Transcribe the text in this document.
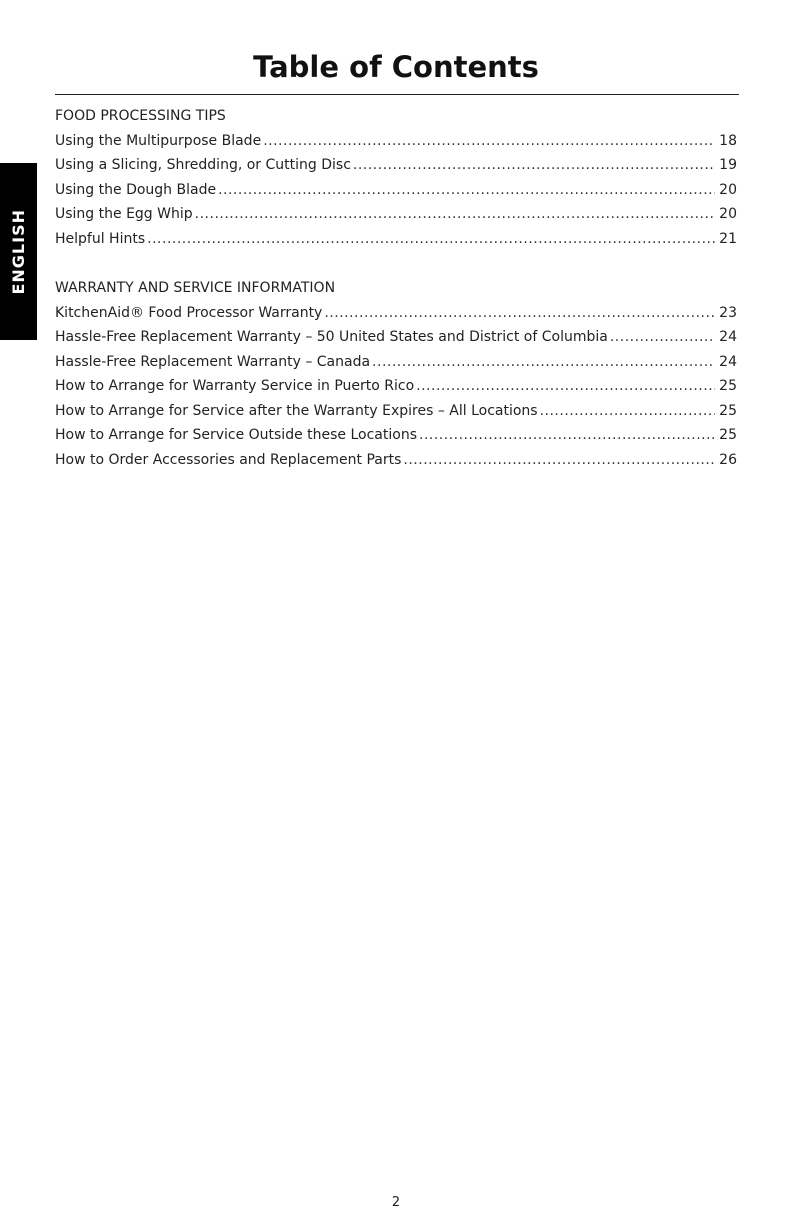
Table of Contents
ENGLISH
FOOD PROCESSING TIPS
Using the Multipurpose Blade .....	18
Using a Slicing, Shredding, or Cutting Disc .....	19
Using the Dough Blade .....	20
Using the Egg Whip .....	20
Helpful Hints .....	21
WARRANTY AND SERVICE INFORMATION
KitchenAid® Food Processor Warranty .....	23
Hassle-Free Replacement Warranty – 50 United States and District of Columbia .....	24
Hassle-Free Replacement Warranty – Canada .....	24
How to Arrange for Warranty Service in Puerto Rico .....	25
How to Arrange for Service after the Warranty Expires – All Locations .....	25
How to Arrange for Service Outside these Locations .....	25
How to Order Accessories and Replacement Parts .....	26
2
